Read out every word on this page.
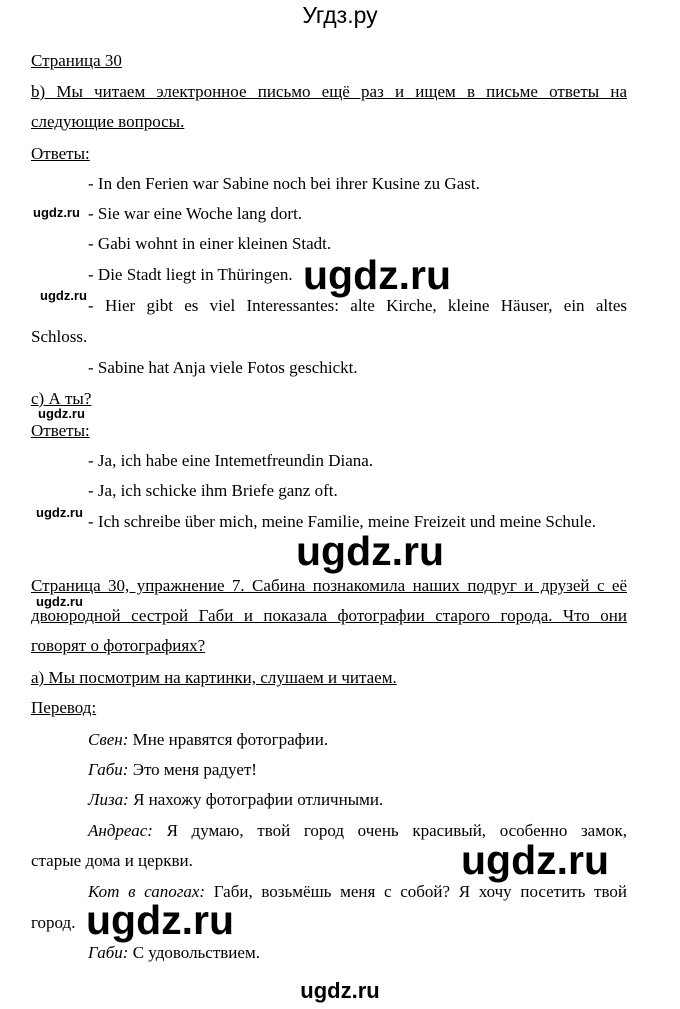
Угдз.ру
Страница 30
b) Мы читаем электронное письмо ещё раз и ищем в письме ответы на
следующие вопросы.
Ответы:
- In den Ferien war Sabine noch bei ihrer Kusine zu Gast.
- Sie war eine Woche lang dort.
- Gabi wohnt in einer kleinen Stadt.
- Die Stadt liegt in Thüringen.
- Hier gibt es viel Interessantes: alte Kirche, kleine Häuser, ein altes
Schloss.
- Sabine hat Anja viele Fotos geschickt.
c) А ты?
Ответы:
- Ja, ich habe eine Intemetfreundin Diana.
- Ja, ich schicke ihm Briefe ganz oft.
- Ich schreibe über mich, meine Familie, meine Freizeit und meine Schule.
Страница 30, упражнение 7. Сабина познакомила наших подруг и друзей с её
двоюродной сестрой Габи и показала фотографии старого города. Что они
говорят о фотографиях?
а) Мы посмотрим на картинки, слушаем и читаем.
Перевод:
Свен: Мне нравятся фотографии.
Габи: Это меня радует!
Лиза: Я нахожу фотографии отличными.
Андреас: Я думаю, твой город очень красивый, особенно замок,
старые дома и церкви.
Кот в сапогах: Габи, возьмёшь меня с собой? Я хочу посетить твой
город.
Габи: С удовольствием.
ugdz.ru
ugdz.ru
ugdz.ru
ugdz.ru
ugdz.ru
ugdz.ru
ugdz.ru
ugdz.ru
ugdz.ru
ugdz.ru
